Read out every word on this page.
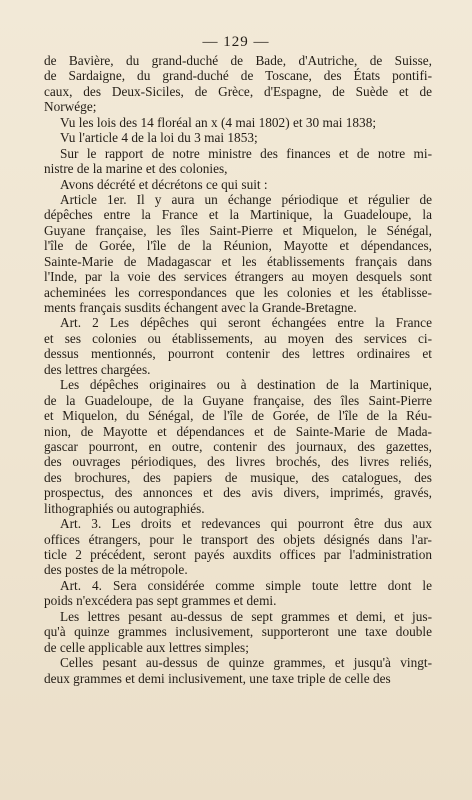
— 129 —
de Bavière, du grand-duché de Bade, d'Autriche, de Suisse,
de Sardaigne, du grand-duché de Toscane, des États pontifi-
caux, des Deux-Siciles, de Grèce, d'Espagne, de Suède et de
Norwége;
Vu les lois des 14 floréal an x (4 mai 1802) et 30 mai 1838;
Vu l'article 4 de la loi du 3 mai 1853;
Sur le rapport de notre ministre des finances et de notre mi-
nistre de la marine et des colonies,
Avons décrété et décrétons ce qui suit :
Article 1er. Il y aura un échange périodique et régulier de
dépêches entre la France et la Martinique, la Guadeloupe, la
Guyane française, les îles Saint-Pierre et Miquelon, le Sénégal,
l'île de Gorée, l'île de la Réunion, Mayotte et dépendances,
Sainte-Marie de Madagascar et les établissements français dans
l'Inde, par la voie des services étrangers au moyen desquels sont
acheminées les correspondances que les colonies et les établisse-
ments français susdits échangent avec la Grande-Bretagne.
Art. 2 Les dépêches qui seront échangées entre la France
et ses colonies ou établissements, au moyen des services ci-
dessus mentionnés, pourront contenir des lettres ordinaires et
des lettres chargées.
Les dépêches originaires ou à destination de la Martinique,
de la Guadeloupe, de la Guyane française, des îles Saint-Pierre
et Miquelon, du Sénégal, de l'île de Gorée, de l'île de la Réu-
nion, de Mayotte et dépendances et de Sainte-Marie de Mada-
gascar pourront, en outre, contenir des journaux, des gazettes,
des ouvrages périodiques, des livres brochés, des livres reliés,
des brochures, des papiers de musique, des catalogues, des
prospectus, des annonces et des avis divers, imprimés, gravés,
lithographiés ou autographiés.
Art. 3. Les droits et redevances qui pourront être dus aux
offices étrangers, pour le transport des objets désignés dans l'ar-
ticle 2 précédent, seront payés auxdits offices par l'administration
des postes de la métropole.
Art. 4. Sera considérée comme simple toute lettre dont le
poids n'excédera pas sept grammes et demi.
Les lettres pesant au-dessus de sept grammes et demi, et jus-
qu'à quinze grammes inclusivement, supporteront une taxe double
de celle applicable aux lettres simples;
Celles pesant au-dessus de quinze grammes, et jusqu'à vingt-
deux grammes et demi inclusivement, une taxe triple de celle des
